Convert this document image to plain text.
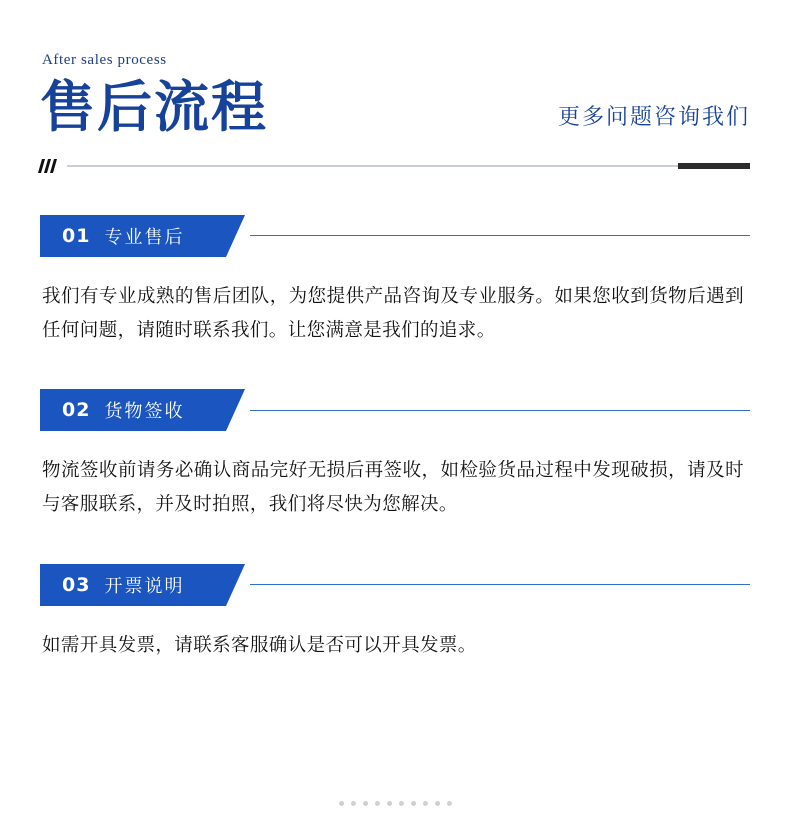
After sales process
售后流程	更多问题咨询我们
01 专业售后

我们有专业成熟的售后团队，为您提供产品咨询及专业服务。如果您收到货物后遇到任何问题，请随时联系我们。让您满意是我们的追求。

02 货物签收

物流签收前请务必确认商品完好无损后再签收，如检验货品过程中发现破损，请及时与客服联系，并及时拍照，我们将尽快为您解决。

03 开票说明

如需开具发票，请联系客服确认是否可以开具发票。
